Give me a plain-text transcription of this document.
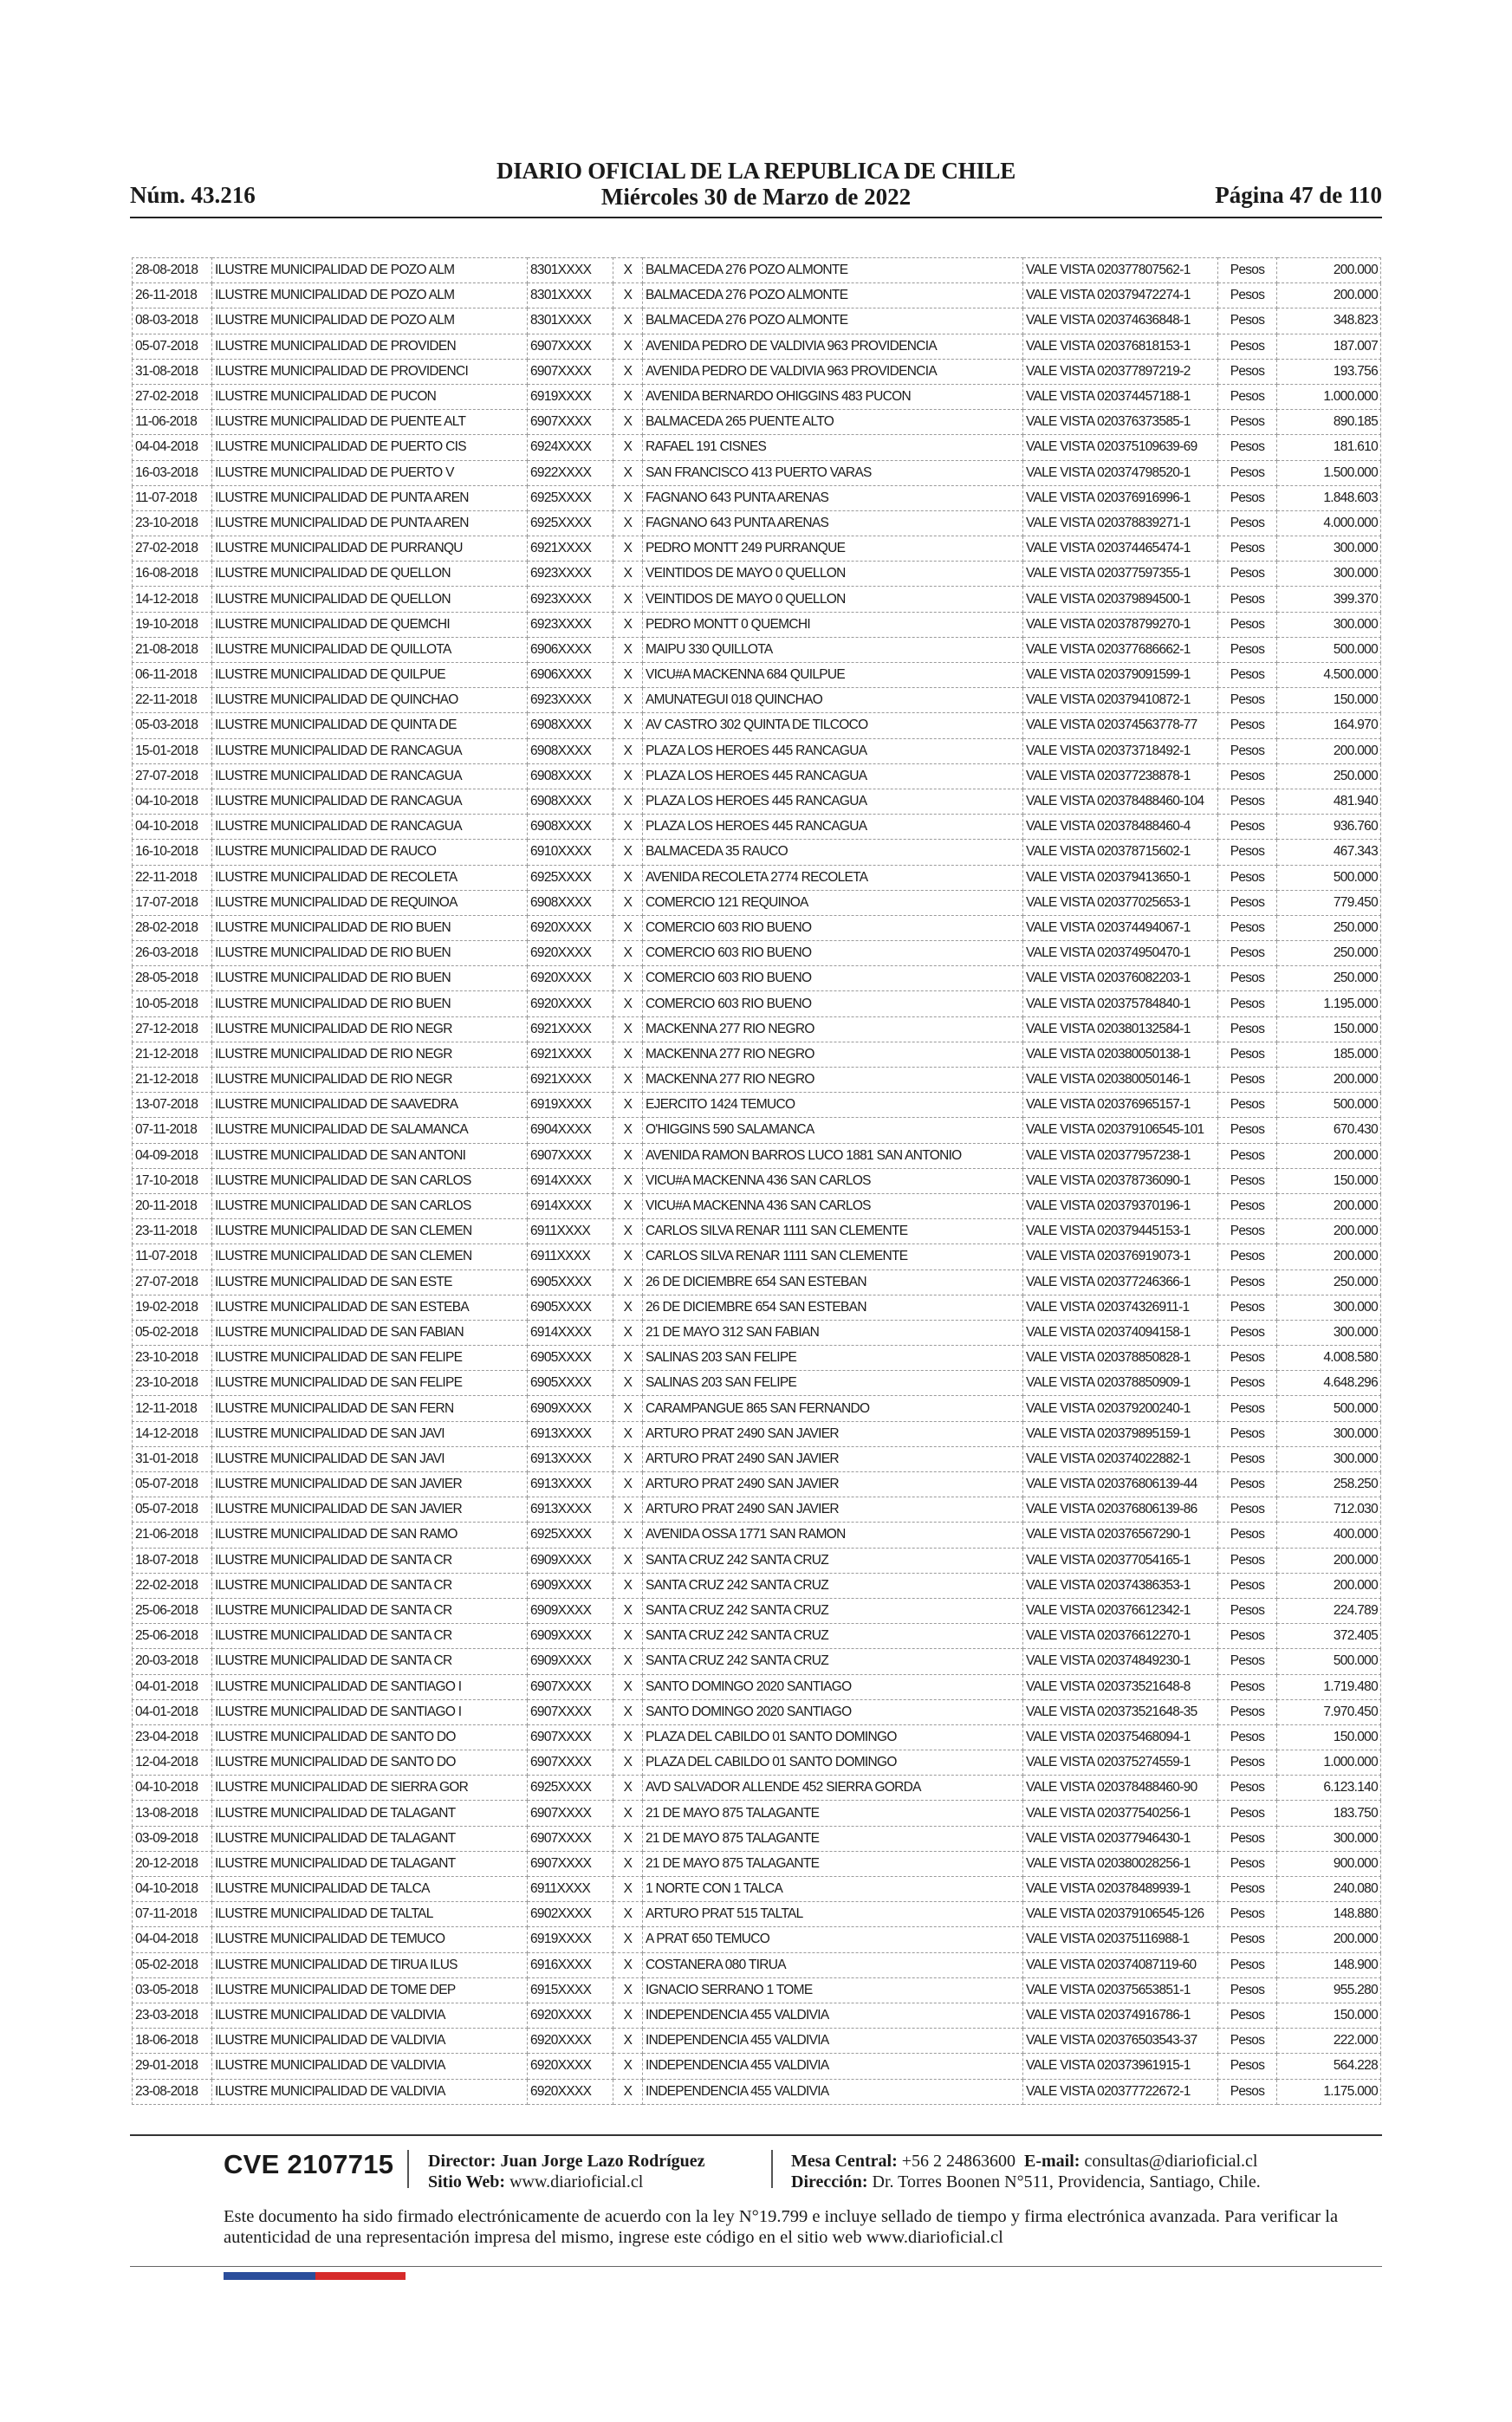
DIARIO OFICIAL DE LA REPUBLICA DE CHILE
Núm. 43.216	Miércoles 30 de Marzo de 2022	Página 47 de 110
28-08-2018	ILUSTRE MUNICIPALIDAD DE POZO ALM	8301XXXX	X	BALMACEDA 276 POZO ALMONTE	VALE VISTA 020377807562-1	Pesos	200.000
26-11-2018	ILUSTRE MUNICIPALIDAD DE POZO ALM	8301XXXX	X	BALMACEDA 276 POZO ALMONTE	VALE VISTA 020379472274-1	Pesos	200.000
08-03-2018	ILUSTRE MUNICIPALIDAD DE POZO ALM	8301XXXX	X	BALMACEDA 276 POZO ALMONTE	VALE VISTA 020374636848-1	Pesos	348.823
05-07-2018	ILUSTRE MUNICIPALIDAD DE PROVIDEN	6907XXXX	X	AVENIDA PEDRO DE VALDIVIA 963 PROVIDENCIA	VALE VISTA 020376818153-1	Pesos	187.007
31-08-2018	ILUSTRE MUNICIPALIDAD DE PROVIDENCI	6907XXXX	X	AVENIDA PEDRO DE VALDIVIA 963 PROVIDENCIA	VALE VISTA 020377897219-2	Pesos	193.756
27-02-2018	ILUSTRE MUNICIPALIDAD DE PUCON	6919XXXX	X	AVENIDA BERNARDO OHIGGINS 483 PUCON	VALE VISTA 020374457188-1	Pesos	1.000.000
11-06-2018	ILUSTRE MUNICIPALIDAD DE PUENTE ALT	6907XXXX	X	BALMACEDA 265 PUENTE ALTO	VALE VISTA 020376373585-1	Pesos	890.185
04-04-2018	ILUSTRE MUNICIPALIDAD DE PUERTO CIS	6924XXXX	X	RAFAEL 191 CISNES	VALE VISTA 020375109639-69	Pesos	181.610
16-03-2018	ILUSTRE MUNICIPALIDAD DE PUERTO V	6922XXXX	X	SAN FRANCISCO 413 PUERTO VARAS	VALE VISTA 020374798520-1	Pesos	1.500.000
11-07-2018	ILUSTRE MUNICIPALIDAD DE PUNTA AREN	6925XXXX	X	FAGNANO 643 PUNTA ARENAS	VALE VISTA 020376916996-1	Pesos	1.848.603
23-10-2018	ILUSTRE MUNICIPALIDAD DE PUNTA AREN	6925XXXX	X	FAGNANO 643 PUNTA ARENAS	VALE VISTA 020378839271-1	Pesos	4.000.000
27-02-2018	ILUSTRE MUNICIPALIDAD DE PURRANQU	6921XXXX	X	PEDRO MONTT 249 PURRANQUE	VALE VISTA 020374465474-1	Pesos	300.000
16-08-2018	ILUSTRE MUNICIPALIDAD DE QUELLON	6923XXXX	X	VEINTIDOS DE MAYO 0 QUELLON	VALE VISTA 020377597355-1	Pesos	300.000
14-12-2018	ILUSTRE MUNICIPALIDAD DE QUELLON	6923XXXX	X	VEINTIDOS DE MAYO 0 QUELLON	VALE VISTA 020379894500-1	Pesos	399.370
19-10-2018	ILUSTRE MUNICIPALIDAD DE QUEMCHI	6923XXXX	X	PEDRO MONTT 0 QUEMCHI	VALE VISTA 020378799270-1	Pesos	300.000
21-08-2018	ILUSTRE MUNICIPALIDAD DE QUILLOTA	6906XXXX	X	MAIPU 330 QUILLOTA	VALE VISTA 020377686662-1	Pesos	500.000
06-11-2018	ILUSTRE MUNICIPALIDAD DE QUILPUE	6906XXXX	X	VICU#A MACKENNA 684 QUILPUE	VALE VISTA 020379091599-1	Pesos	4.500.000
22-11-2018	ILUSTRE MUNICIPALIDAD DE QUINCHAO	6923XXXX	X	AMUNATEGUI 018 QUINCHAO	VALE VISTA 020379410872-1	Pesos	150.000
05-03-2018	ILUSTRE MUNICIPALIDAD DE QUINTA DE	6908XXXX	X	AV CASTRO 302 QUINTA DE TILCOCO	VALE VISTA 020374563778-77	Pesos	164.970
15-01-2018	ILUSTRE MUNICIPALIDAD DE RANCAGUA	6908XXXX	X	PLAZA LOS HEROES 445 RANCAGUA	VALE VISTA 020373718492-1	Pesos	200.000
27-07-2018	ILUSTRE MUNICIPALIDAD DE RANCAGUA	6908XXXX	X	PLAZA LOS HEROES 445 RANCAGUA	VALE VISTA 020377238878-1	Pesos	250.000
04-10-2018	ILUSTRE MUNICIPALIDAD DE RANCAGUA	6908XXXX	X	PLAZA LOS HEROES 445 RANCAGUA	VALE VISTA 020378488460-104	Pesos	481.940
04-10-2018	ILUSTRE MUNICIPALIDAD DE RANCAGUA	6908XXXX	X	PLAZA LOS HEROES 445 RANCAGUA	VALE VISTA 020378488460-4	Pesos	936.760
16-10-2018	ILUSTRE MUNICIPALIDAD DE RAUCO	6910XXXX	X	BALMACEDA 35 RAUCO	VALE VISTA 020378715602-1	Pesos	467.343
22-11-2018	ILUSTRE MUNICIPALIDAD DE RECOLETA	6925XXXX	X	AVENIDA RECOLETA 2774 RECOLETA	VALE VISTA 020379413650-1	Pesos	500.000
17-07-2018	ILUSTRE MUNICIPALIDAD DE REQUINOA	6908XXXX	X	COMERCIO 121 REQUINOA	VALE VISTA 020377025653-1	Pesos	779.450
28-02-2018	ILUSTRE MUNICIPALIDAD DE RIO BUEN	6920XXXX	X	COMERCIO 603 RIO BUENO	VALE VISTA 020374494067-1	Pesos	250.000
26-03-2018	ILUSTRE MUNICIPALIDAD DE RIO BUEN	6920XXXX	X	COMERCIO 603 RIO BUENO	VALE VISTA 020374950470-1	Pesos	250.000
28-05-2018	ILUSTRE MUNICIPALIDAD DE RIO BUEN	6920XXXX	X	COMERCIO 603 RIO BUENO	VALE VISTA 020376082203-1	Pesos	250.000
10-05-2018	ILUSTRE MUNICIPALIDAD DE RIO BUEN	6920XXXX	X	COMERCIO 603 RIO BUENO	VALE VISTA 020375784840-1	Pesos	1.195.000
27-12-2018	ILUSTRE MUNICIPALIDAD DE RIO NEGR	6921XXXX	X	MACKENNA 277 RIO NEGRO	VALE VISTA 020380132584-1	Pesos	150.000
21-12-2018	ILUSTRE MUNICIPALIDAD DE RIO NEGR	6921XXXX	X	MACKENNA 277 RIO NEGRO	VALE VISTA 020380050138-1	Pesos	185.000
21-12-2018	ILUSTRE MUNICIPALIDAD DE RIO NEGR	6921XXXX	X	MACKENNA 277 RIO NEGRO	VALE VISTA 020380050146-1	Pesos	200.000
13-07-2018	ILUSTRE MUNICIPALIDAD DE SAAVEDRA	6919XXXX	X	EJERCITO 1424 TEMUCO	VALE VISTA 020376965157-1	Pesos	500.000
07-11-2018	ILUSTRE MUNICIPALIDAD DE SALAMANCA	6904XXXX	X	O'HIGGINS 590 SALAMANCA	VALE VISTA 020379106545-101	Pesos	670.430
04-09-2018	ILUSTRE MUNICIPALIDAD DE SAN ANTONI	6907XXXX	X	AVENIDA RAMON BARROS LUCO 1881 SAN ANTONIO	VALE VISTA 020377957238-1	Pesos	200.000
17-10-2018	ILUSTRE MUNICIPALIDAD DE SAN CARLOS	6914XXXX	X	VICU#A MACKENNA 436 SAN CARLOS	VALE VISTA 020378736090-1	Pesos	150.000
20-11-2018	ILUSTRE MUNICIPALIDAD DE SAN CARLOS	6914XXXX	X	VICU#A MACKENNA 436 SAN CARLOS	VALE VISTA 020379370196-1	Pesos	200.000
23-11-2018	ILUSTRE MUNICIPALIDAD DE SAN CLEMEN	6911XXXX	X	CARLOS SILVA RENAR 1111 SAN CLEMENTE	VALE VISTA 020379445153-1	Pesos	200.000
11-07-2018	ILUSTRE MUNICIPALIDAD DE SAN CLEMEN	6911XXXX	X	CARLOS SILVA RENAR 1111 SAN CLEMENTE	VALE VISTA 020376919073-1	Pesos	200.000
27-07-2018	ILUSTRE MUNICIPALIDAD DE SAN ESTE	6905XXXX	X	26 DE DICIEMBRE 654 SAN ESTEBAN	VALE VISTA 020377246366-1	Pesos	250.000
19-02-2018	ILUSTRE MUNICIPALIDAD DE SAN ESTEBA	6905XXXX	X	26 DE DICIEMBRE 654 SAN ESTEBAN	VALE VISTA 020374326911-1	Pesos	300.000
05-02-2018	ILUSTRE MUNICIPALIDAD DE SAN FABIAN	6914XXXX	X	21 DE MAYO 312 SAN FABIAN	VALE VISTA 020374094158-1	Pesos	300.000
23-10-2018	ILUSTRE MUNICIPALIDAD DE SAN FELIPE	6905XXXX	X	SALINAS 203 SAN FELIPE	VALE VISTA 020378850828-1	Pesos	4.008.580
23-10-2018	ILUSTRE MUNICIPALIDAD DE SAN FELIPE	6905XXXX	X	SALINAS 203 SAN FELIPE	VALE VISTA 020378850909-1	Pesos	4.648.296
12-11-2018	ILUSTRE MUNICIPALIDAD DE SAN FERN	6909XXXX	X	CARAMPANGUE 865 SAN FERNANDO	VALE VISTA 020379200240-1	Pesos	500.000
14-12-2018	ILUSTRE MUNICIPALIDAD DE SAN JAVI	6913XXXX	X	ARTURO PRAT 2490 SAN JAVIER	VALE VISTA 020379895159-1	Pesos	300.000
31-01-2018	ILUSTRE MUNICIPALIDAD DE SAN JAVI	6913XXXX	X	ARTURO PRAT 2490 SAN JAVIER	VALE VISTA 020374022882-1	Pesos	300.000
05-07-2018	ILUSTRE MUNICIPALIDAD DE SAN JAVIER	6913XXXX	X	ARTURO PRAT 2490 SAN JAVIER	VALE VISTA 020376806139-44	Pesos	258.250
05-07-2018	ILUSTRE MUNICIPALIDAD DE SAN JAVIER	6913XXXX	X	ARTURO PRAT 2490 SAN JAVIER	VALE VISTA 020376806139-86	Pesos	712.030
21-06-2018	ILUSTRE MUNICIPALIDAD DE SAN RAMO	6925XXXX	X	AVENIDA OSSA 1771 SAN RAMON	VALE VISTA 020376567290-1	Pesos	400.000
18-07-2018	ILUSTRE MUNICIPALIDAD DE SANTA CR	6909XXXX	X	SANTA CRUZ 242 SANTA CRUZ	VALE VISTA 020377054165-1	Pesos	200.000
22-02-2018	ILUSTRE MUNICIPALIDAD DE SANTA CR	6909XXXX	X	SANTA CRUZ 242 SANTA CRUZ	VALE VISTA 020374386353-1	Pesos	200.000
25-06-2018	ILUSTRE MUNICIPALIDAD DE SANTA CR	6909XXXX	X	SANTA CRUZ 242 SANTA CRUZ	VALE VISTA 020376612342-1	Pesos	224.789
25-06-2018	ILUSTRE MUNICIPALIDAD DE SANTA CR	6909XXXX	X	SANTA CRUZ 242 SANTA CRUZ	VALE VISTA 020376612270-1	Pesos	372.405
20-03-2018	ILUSTRE MUNICIPALIDAD DE SANTA CR	6909XXXX	X	SANTA CRUZ 242 SANTA CRUZ	VALE VISTA 020374849230-1	Pesos	500.000
04-01-2018	ILUSTRE MUNICIPALIDAD DE SANTIAGO I	6907XXXX	X	SANTO DOMINGO 2020 SANTIAGO	VALE VISTA 020373521648-8	Pesos	1.719.480
04-01-2018	ILUSTRE MUNICIPALIDAD DE SANTIAGO I	6907XXXX	X	SANTO DOMINGO 2020 SANTIAGO	VALE VISTA 020373521648-35	Pesos	7.970.450
23-04-2018	ILUSTRE MUNICIPALIDAD DE SANTO DO	6907XXXX	X	PLAZA DEL CABILDO 01 SANTO DOMINGO	VALE VISTA 020375468094-1	Pesos	150.000
12-04-2018	ILUSTRE MUNICIPALIDAD DE SANTO DO	6907XXXX	X	PLAZA DEL CABILDO 01 SANTO DOMINGO	VALE VISTA 020375274559-1	Pesos	1.000.000
04-10-2018	ILUSTRE MUNICIPALIDAD DE SIERRA GOR	6925XXXX	X	AVD SALVADOR ALLENDE 452 SIERRA GORDA	VALE VISTA 020378488460-90	Pesos	6.123.140
13-08-2018	ILUSTRE MUNICIPALIDAD DE TALAGANT	6907XXXX	X	21 DE MAYO 875 TALAGANTE	VALE VISTA 020377540256-1	Pesos	183.750
03-09-2018	ILUSTRE MUNICIPALIDAD DE TALAGANT	6907XXXX	X	21 DE MAYO 875 TALAGANTE	VALE VISTA 020377946430-1	Pesos	300.000
20-12-2018	ILUSTRE MUNICIPALIDAD DE TALAGANT	6907XXXX	X	21 DE MAYO 875 TALAGANTE	VALE VISTA 020380028256-1	Pesos	900.000
04-10-2018	ILUSTRE MUNICIPALIDAD DE TALCA	6911XXXX	X	1 NORTE CON 1 TALCA	VALE VISTA 020378489939-1	Pesos	240.080
07-11-2018	ILUSTRE MUNICIPALIDAD DE TALTAL	6902XXXX	X	ARTURO PRAT 515 TALTAL	VALE VISTA 020379106545-126	Pesos	148.880
04-04-2018	ILUSTRE MUNICIPALIDAD DE TEMUCO	6919XXXX	X	A PRAT 650 TEMUCO	VALE VISTA 020375116988-1	Pesos	200.000
05-02-2018	ILUSTRE MUNICIPALIDAD DE TIRUA ILUS	6916XXXX	X	COSTANERA 080 TIRUA	VALE VISTA 020374087119-60	Pesos	148.900
03-05-2018	ILUSTRE MUNICIPALIDAD DE TOME DEP	6915XXXX	X	IGNACIO SERRANO 1 TOME	VALE VISTA 020375653851-1	Pesos	955.280
23-03-2018	ILUSTRE MUNICIPALIDAD DE VALDIVIA	6920XXXX	X	INDEPENDENCIA 455 VALDIVIA	VALE VISTA 020374916786-1	Pesos	150.000
18-06-2018	ILUSTRE MUNICIPALIDAD DE VALDIVIA	6920XXXX	X	INDEPENDENCIA 455 VALDIVIA	VALE VISTA 020376503543-37	Pesos	222.000
29-01-2018	ILUSTRE MUNICIPALIDAD DE VALDIVIA	6920XXXX	X	INDEPENDENCIA 455 VALDIVIA	VALE VISTA 020373961915-1	Pesos	564.228
23-08-2018	ILUSTRE MUNICIPALIDAD DE VALDIVIA	6920XXXX	X	INDEPENDENCIA 455 VALDIVIA	VALE VISTA 020377722672-1	Pesos	1.175.000
CVE 2107715 Director: Juan Jorge Lazo Rodríguez
Sitio Web: www.diarioficial.cl
Mesa Central: +56 2 24863600 E-mail: consultas@diarioficial.cl
Dirección: Dr. Torres Boonen N°511, Providencia, Santiago, Chile.
Este documento ha sido firmado electrónicamente de acuerdo con la ley N°19.799 e incluye sellado de tiempo y firma electrónica avanzada. Para verificar la autenticidad de una representación impresa del mismo, ingrese este código en el sitio web www.diarioficial.cl
